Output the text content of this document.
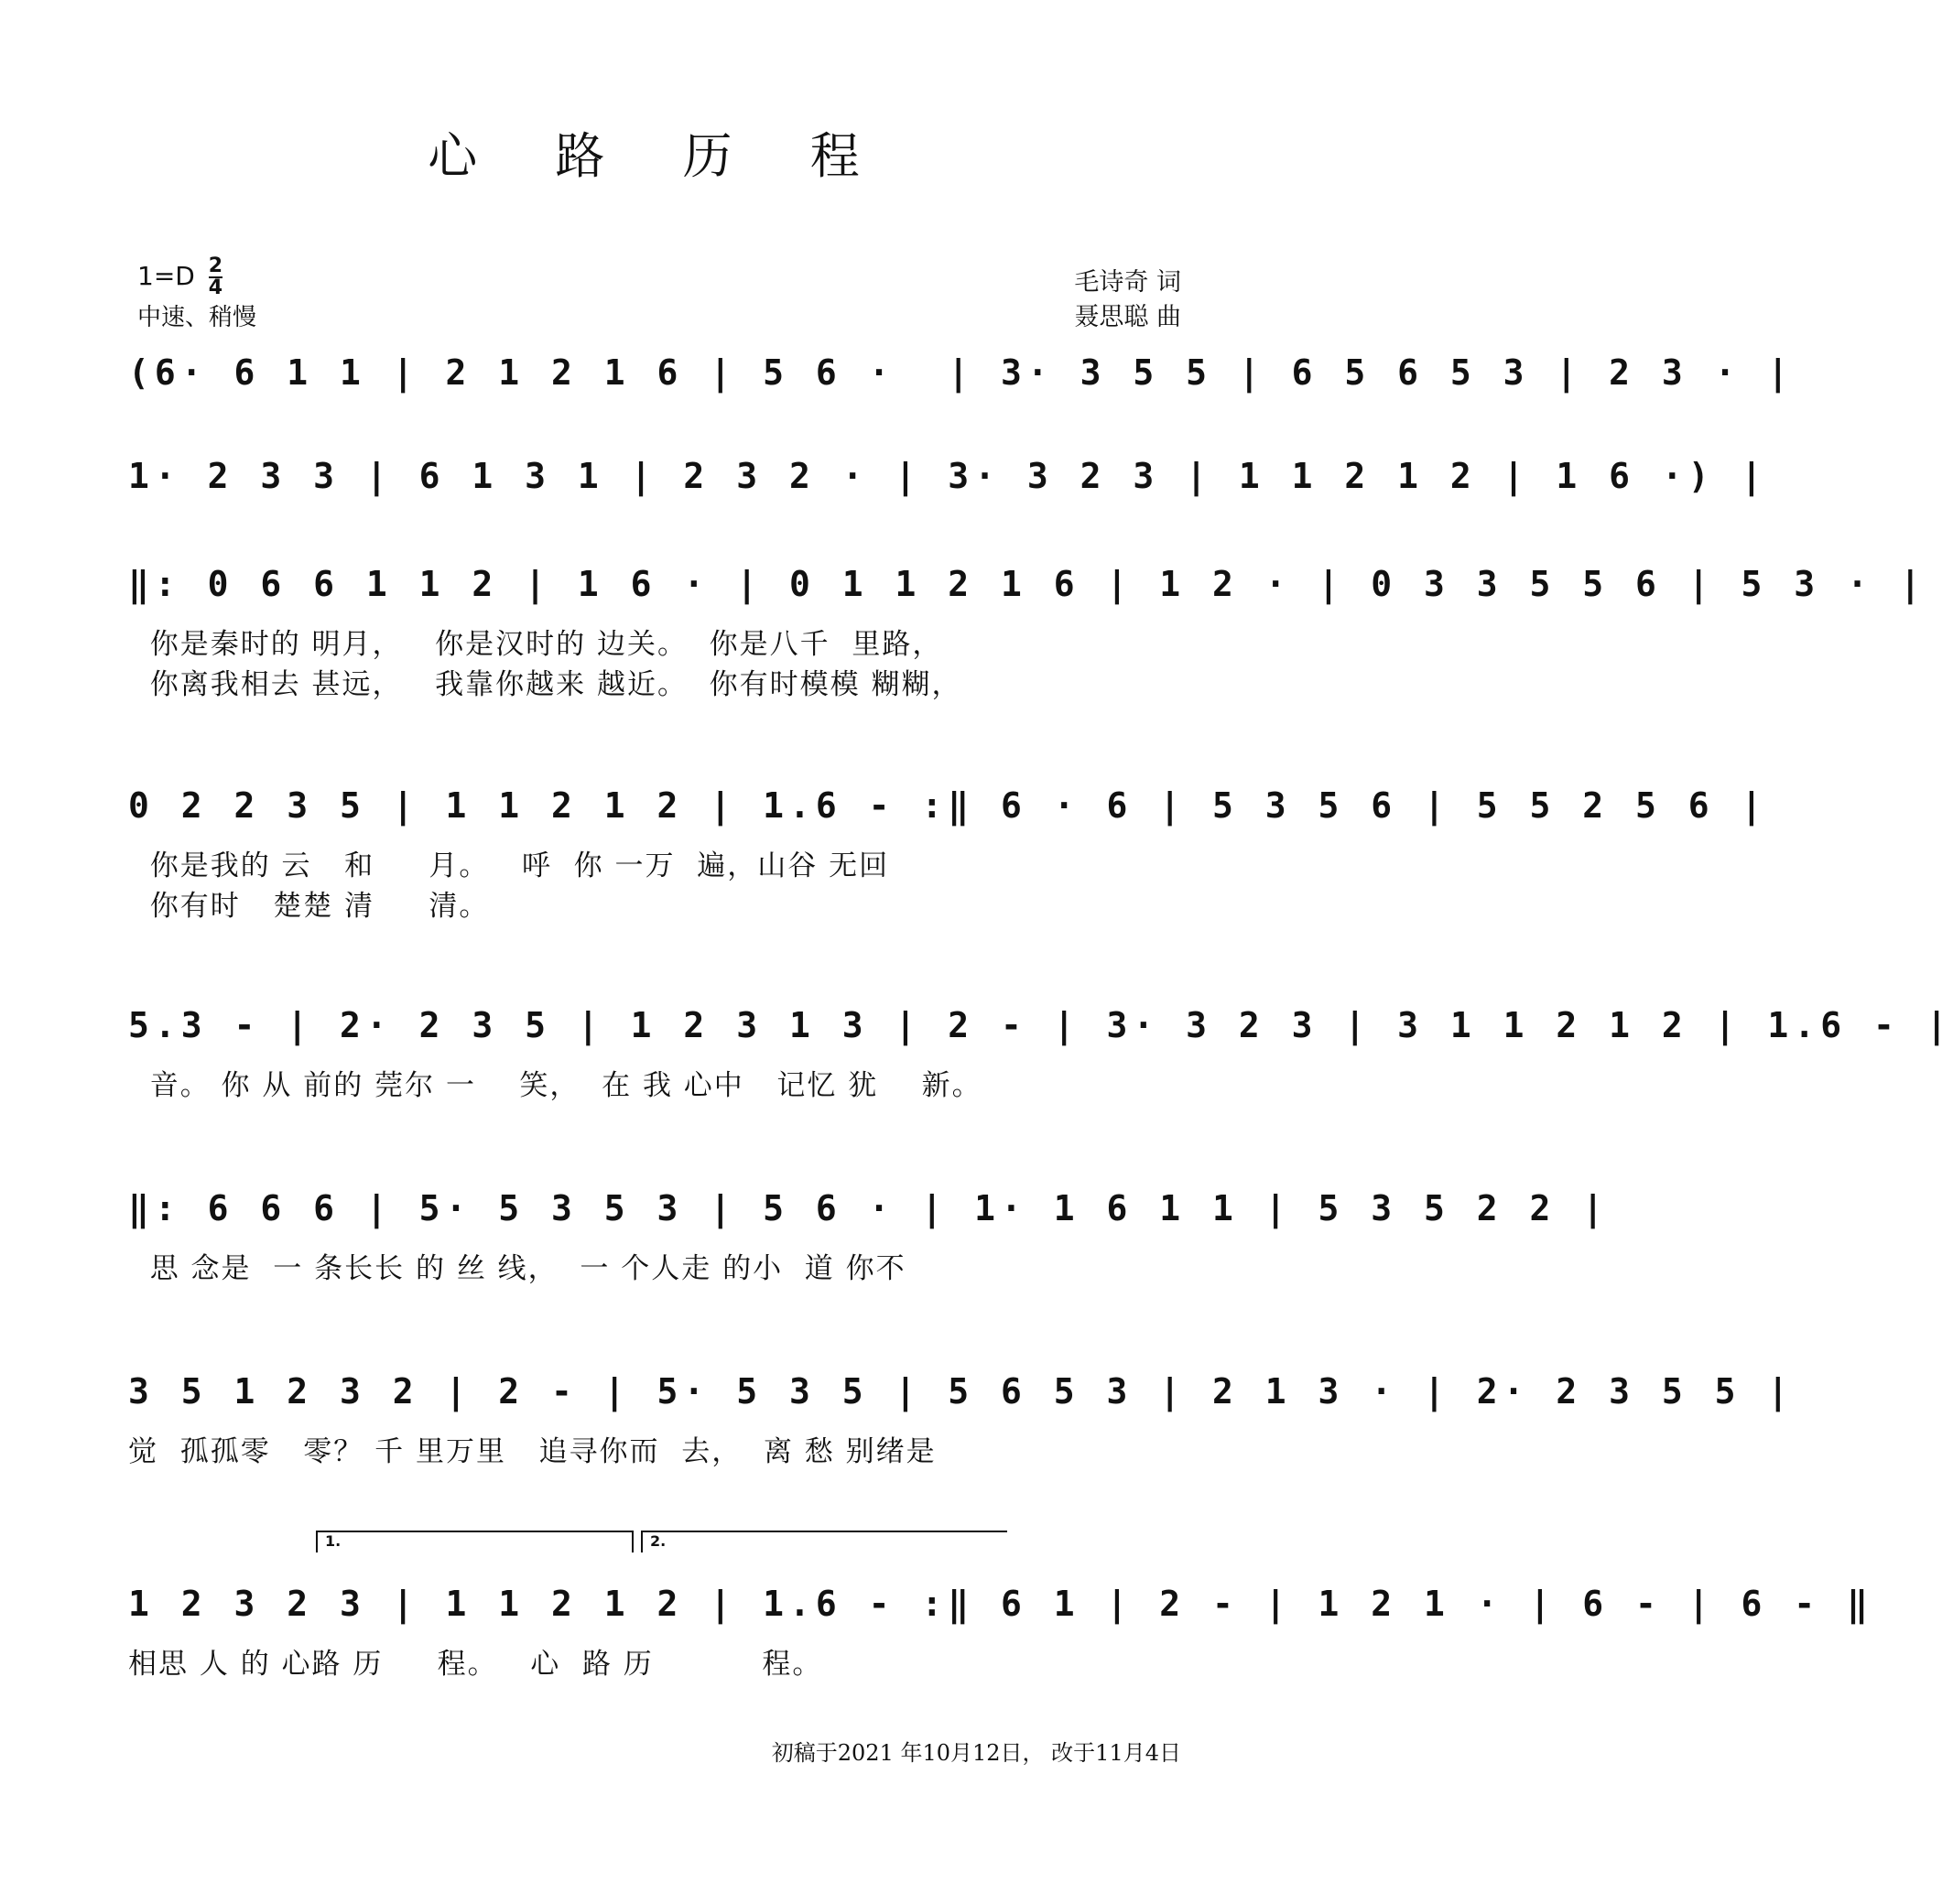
心 路 历 程
$1=D \frac{2}{4}$
中速、稍慢
毛诗奇 词
聂思聪 曲
(6· 6 1 1 | 2 1 2 1 6 | 5 6 ·  | 3· 3 5 5 | 6 5 6 5 3 | 2 3 · |
1· 2 3 3 | 6 1 3 1 | 2 3 2 · | 3· 3 2 3 | 1 1 2 1 2 | 1 6 ·) |
‖: 0 6 6 1 1 2 | 1 6 · | 0 1 1 2 1 6 | 1 2 · | 0 3 3 5 5 6 | 5 3 · |
你是秦时的 明月，   你是汉时的 边关。  你是八千  里路，
你离我相去 甚远，   我靠你越来 越近。  你有时模模 糊糊，
0 2 2 3 5 | 1 1 2 1 2 | 1.6 - :‖ 6 · 6 | 5 3 5 6 | 5 5 2 5 6 |
你是我的 云   和     月。   呼  你 一万  遍，山谷 无回
你有时   楚楚 清     清。
5.3 - | 2· 2 3 5 | 1 2 3 1 3 | 2 - | 3· 3 2 3 | 3 1 1 2 1 2 | 1.6 - |
音。 你 从 前的 莞尔 一    笑，  在 我 心中   记忆 犹    新。
‖: 6 6 6 | 5· 5 3 5 3 | 5 6 · | 1· 1 6 1 1 | 5 3 5 2 2 |
思 念是  一 条长长 的 丝 线，  一 个人走 的小  道 你不
3 5 1 2 3 2 | 2 - | 5· 5 3 5 | 5 6 5 3 | 2 1 3 · | 2· 2 3 5 5 |
觉  孤孤零   零？ 千 里万里   追寻你而  去，  离 愁 别绪是
1.	2.
1 2 3 2 3 | 1 1 2 1 2 | 1.6 - :‖ 6 1 | 2 - | 1 2 1 · | 6 - | 6 - ‖
相思 人 的 心路 历     程。   心  路 历          程。
初稿于2021 年10月12日， 改于11月4日
